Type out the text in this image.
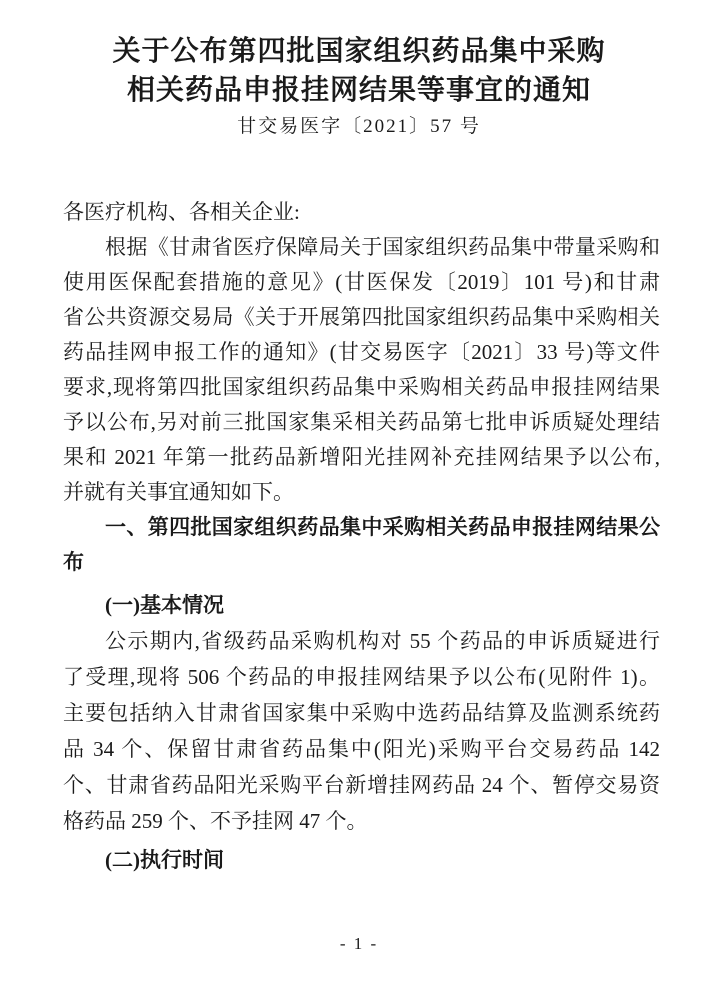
关于公布第四批国家组织药品集中采购
相关药品申报挂网结果等事宜的通知
甘交易医字〔2021〕57 号
各医疗机构、各相关企业:
根据《甘肃省医疗保障局关于国家组织药品集中带量采购和
使用医保配套措施的意见》(甘医保发〔2019〕101 号)和甘肃
省公共资源交易局《关于开展第四批国家组织药品集中采购相关
药品挂网申报工作的通知》(甘交易医字〔2021〕33 号)等文件
要求,现将第四批国家组织药品集中采购相关药品申报挂网结果
予以公布,另对前三批国家集采相关药品第七批申诉质疑处理结
果和 2021 年第一批药品新增阳光挂网补充挂网结果予以公布,
并就有关事宜通知如下。
一、第四批国家组织药品集中采购相关药品申报挂网结果公
布
(一)基本情况
公示期内,省级药品采购机构对 55 个药品的申诉质疑进行
了受理,现将 506 个药品的申报挂网结果予以公布(见附件 1)。
主要包括纳入甘肃省国家集中采购中选药品结算及监测系统药
品 34 个、保留甘肃省药品集中(阳光)采购平台交易药品 142
个、甘肃省药品阳光采购平台新增挂网药品 24 个、暂停交易资
格药品 259 个、不予挂网 47 个。
(二)执行时间
- 1 -
